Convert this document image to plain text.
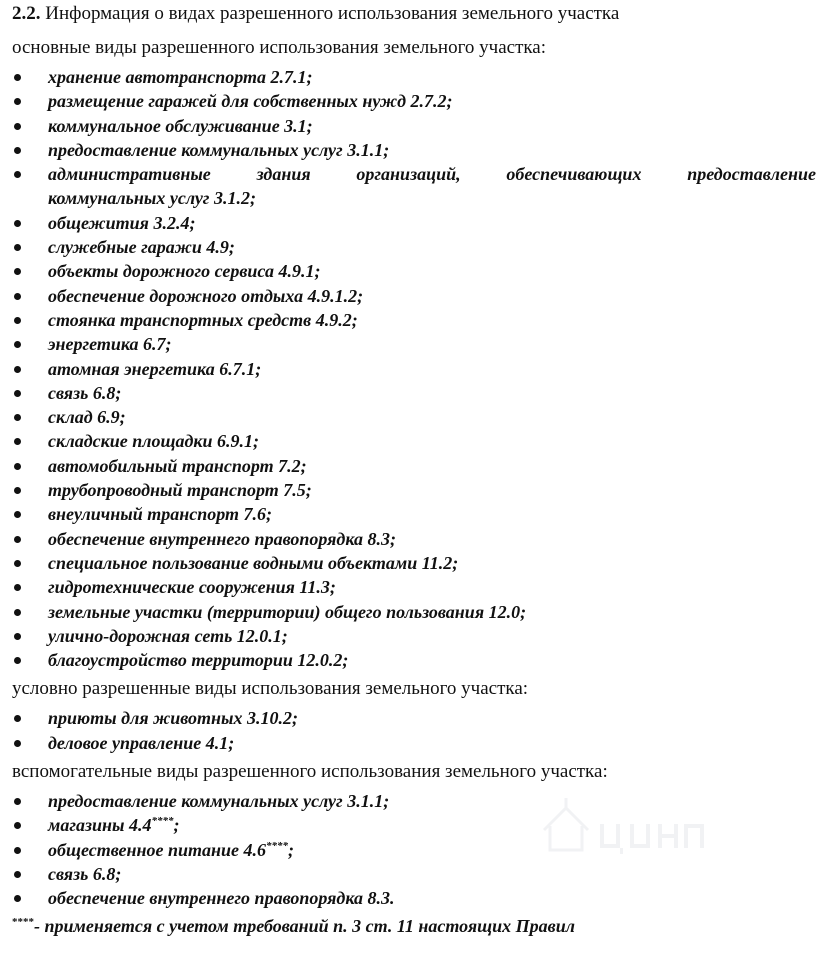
2.2. Информация о видах разрешенного использования земельного участка
основные виды разрешенного использования земельного участка:
хранение автотранспорта 2.7.1;
размещение гаражей для собственных нужд 2.7.2;
коммунальное обслуживание 3.1;
предоставление коммунальных услуг 3.1.1;
административные здания организаций, обеспечивающих предоставление
коммунальных услуг 3.1.2;
общежития 3.2.4;
служебные гаражи 4.9;
объекты дорожного сервиса 4.9.1;
обеспечение дорожного отдыха 4.9.1.2;
стоянка транспортных средств 4.9.2;
энергетика 6.7;
атомная энергетика 6.7.1;
связь 6.8;
склад 6.9;
складские площадки 6.9.1;
автомобильный транспорт 7.2;
трубопроводный транспорт 7.5;
внеуличный транспорт 7.6;
обеспечение внутреннего правопорядка 8.3;
специальное пользование водными объектами 11.2;
гидротехнические сооружения 11.3;
земельные участки (территории) общего пользования 12.0;
улично-дорожная сеть 12.0.1;
благоустройство территории 12.0.2;
условно разрешенные виды использования земельного участка:
приюты для животных 3.10.2;
деловое управление 4.1;
вспомогательные виды разрешенного использования земельного участка:
предоставление коммунальных услуг 3.1.1;
магазины 4.4****;
общественное питание 4.6****;
связь 6.8;
обеспечение внутреннего правопорядка 8.3.
****- применяется с учетом требований п. 3 ст. 11 настоящих Правил
